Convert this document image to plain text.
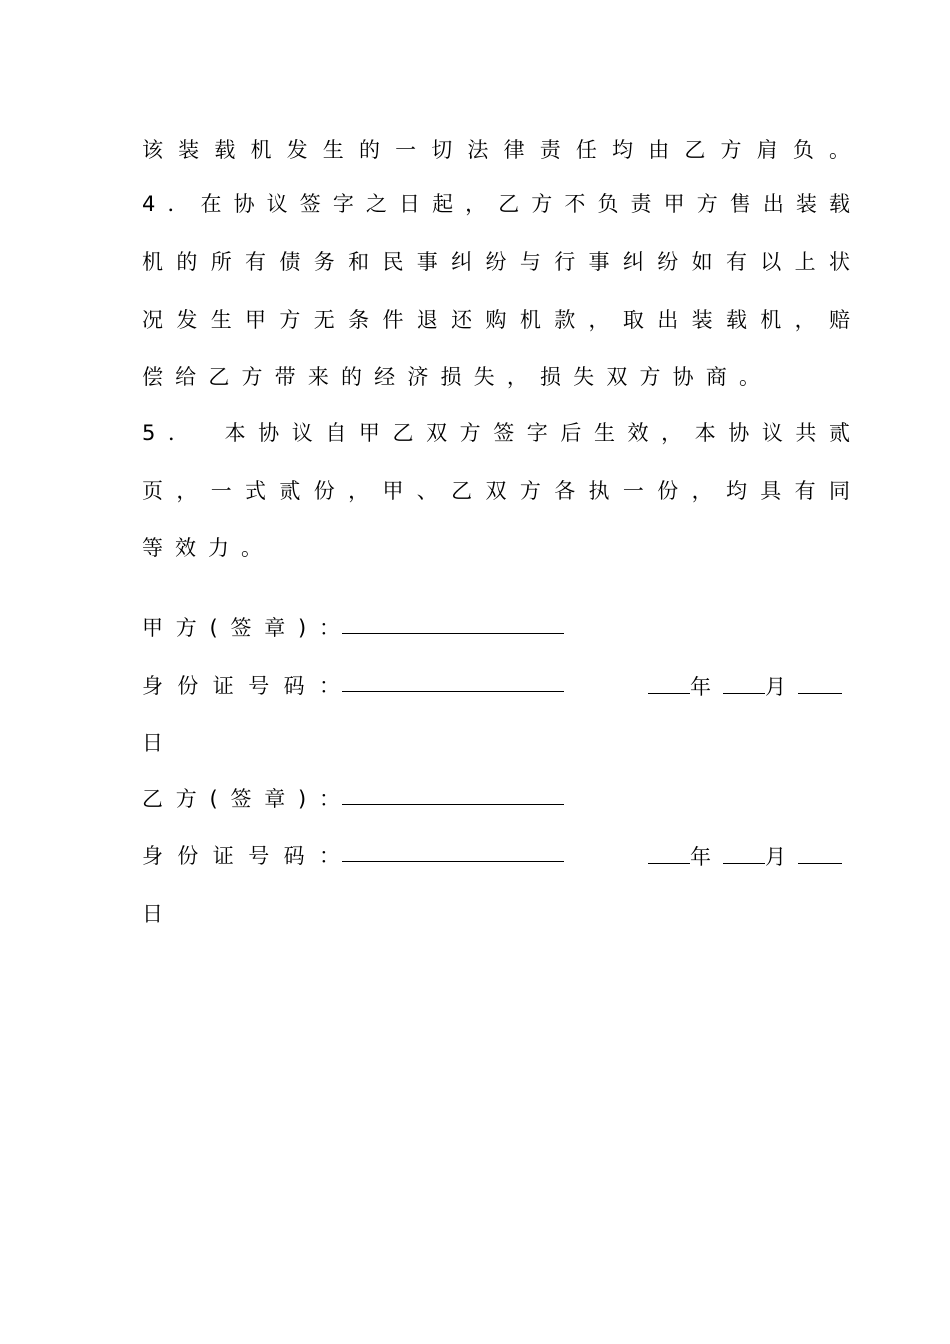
该装载机发生的一切法律责任均由乙方肩负。
4．在协议签字之日起，乙方不负责甲方售出装载
机的所有债务和民事纠纷与行事纠纷如有以上状
况发生甲方无条件退还购机款，取出装载机，赔
偿给乙方带来的经济损失，损失双方协商。
5．　本协议自甲乙双方签字后生效，本协议共贰
页，一式贰份，甲、乙双方各执一份，均具有同
等效力。
甲方(签章)：
身份证号码：	年	月
日
乙方(签章)：
身份证号码：	年	月
日
